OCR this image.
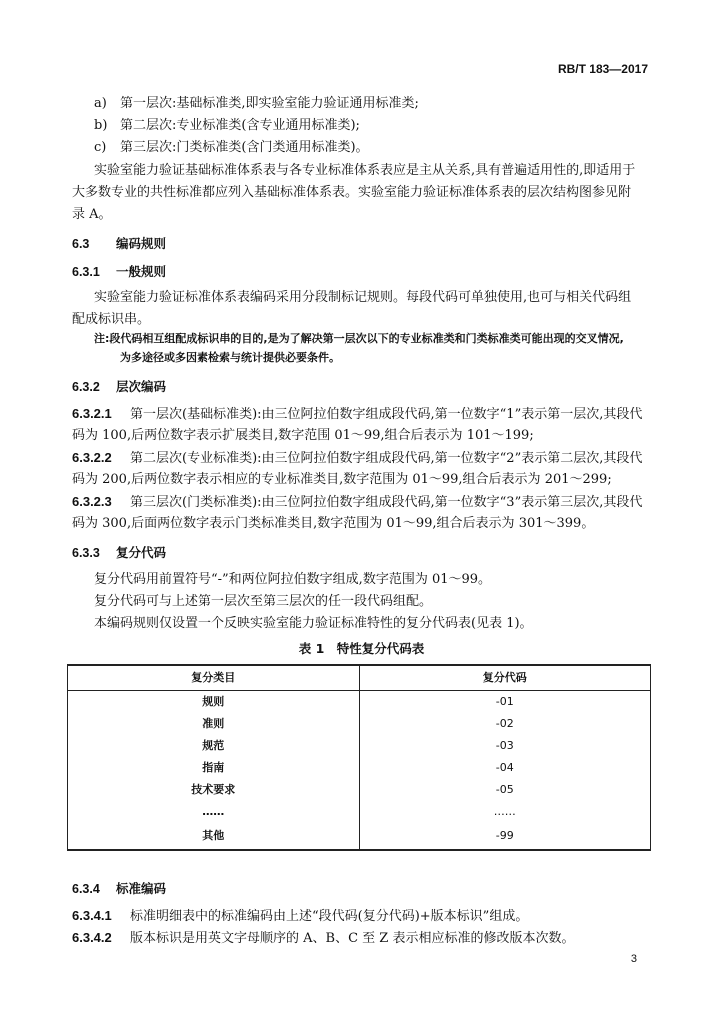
RB/T 183—2017
a) 第一层次:基础标准类,即实验室能力验证通用标准类;
b) 第二层次:专业标准类(含专业通用标准类);
c) 第三层次:门类标准类(含门类通用标准类)。
实验室能力验证基础标准体系表与各专业标准体系表应是主从关系,具有普遍适用性的,即适用于
大多数专业的共性标准都应列入基础标准体系表。实验室能力验证标准体系表的层次结构图参见附
录 A。
6.3 编码规则
6.3.1 一般规则
实验室能力验证标准体系表编码采用分段制标记规则。每段代码可单独使用,也可与相关代码组
配成标识串。
注:段代码相互组配成标识串的目的,是为了解决第一层次以下的专业标准类和门类标准类可能出现的交叉情况,
为多途径或多因素检索与统计提供必要条件。
6.3.2 层次编码
6.3.2.1 第一层次(基础标准类):由三位阿拉伯数字组成段代码,第一位数字“1”表示第一层次,其段代
码为 100,后两位数字表示扩展类目,数字范围 01～99,组合后表示为 101～199;
6.3.2.2 第二层次(专业标准类):由三位阿拉伯数字组成段代码,第一位数字“2”表示第二层次,其段代
码为 200,后两位数字表示相应的专业标准类目,数字范围为 01～99,组合后表示为 201～299;
6.3.2.3 第三层次(门类标准类):由三位阿拉伯数字组成段代码,第一位数字“3”表示第三层次,其段代
码为 300,后面两位数字表示门类标准类目,数字范围为 01～99,组合后表示为 301～399。
6.3.3 复分代码
复分代码用前置符号“-”和两位阿拉伯数字组成,数字范围为 01～99。
复分代码可与上述第一层次至第三层次的任一段代码组配。
本编码规则仅设置一个反映实验室能力验证标准特性的复分代码表(见表 1)。
表 1　特性复分代码表
复分类目	复分代码
规则	-01
准则	-02
规范	-03
指南	-04
技术要求	-05
……	……
其他	-99
6.3.4 标准编码
6.3.4.1 标准明细表中的标准编码由上述“段代码(复分代码)+版本标识”组成。
6.3.4.2 版本标识是用英文字母顺序的 A、B、C 至 Z 表示相应标准的修改版本次数。
3
